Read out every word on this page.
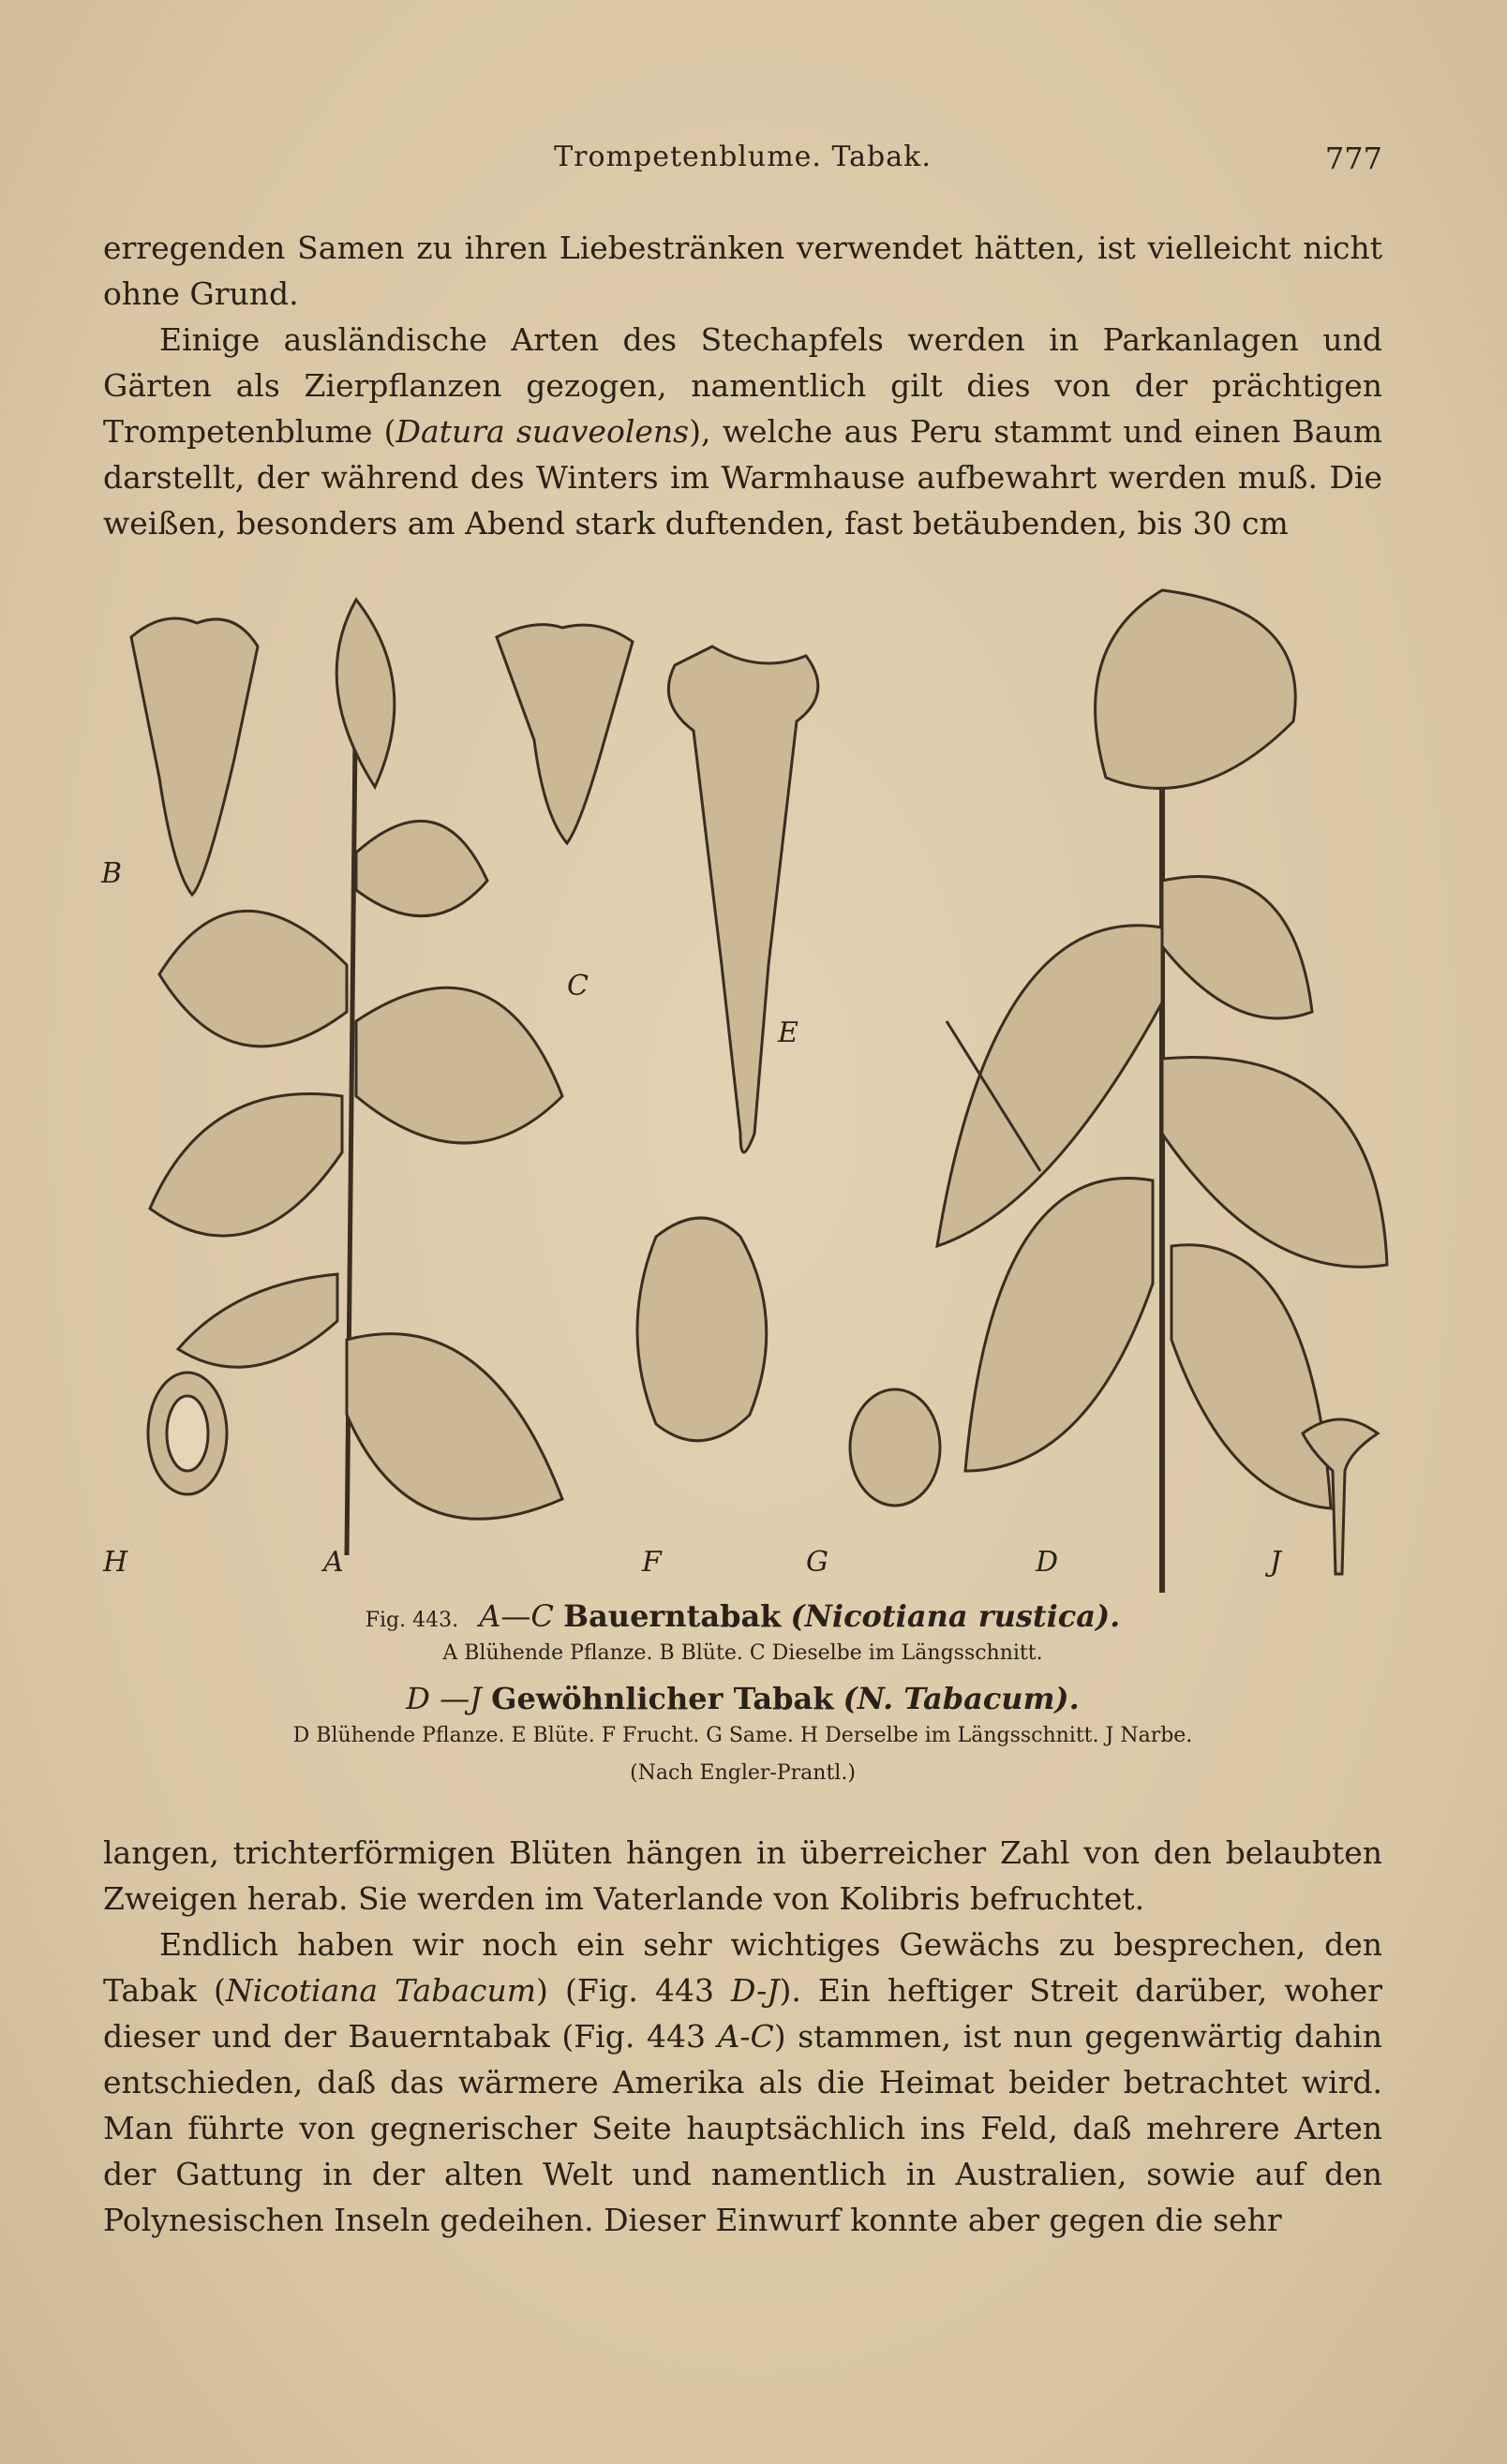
Trompetenblume. Tabak.	777

erregenden Samen zu ihren Liebestränken verwendet hätten, ist vielleicht nicht ohne Grund.

Einige ausländische Arten des Stechapfels werden in Parkanlagen und Gärten als Zierpflanzen gezogen, namentlich gilt dies von der prächtigen Trompetenblume (Datura suaveolens), welche aus Peru stammt und einen Baum darstellt, der während des Winters im Warmhause aufbewahrt werden muß. Die weißen, besonders am Abend stark duftenden, fast betäubenden, bis 30 cm

B
C
E
H	A	F	G	D	J
Fig. 443. A—C Bauerntabak (Nicotiana rustica).
A Blühende Pflanze. B Blüte. C Dieselbe im Längsschnitt.
D —J Gewöhnlicher Tabak (N. Tabacum).
D Blühende Pflanze. E Blüte. F Frucht. G Same. H Derselbe im Längsschnitt. J Narbe.
(Nach Engler-Prantl.)

langen, trichterförmigen Blüten hängen in überreicher Zahl von den belaubten Zweigen herab. Sie werden im Vaterlande von Kolibris befruchtet.

Endlich haben wir noch ein sehr wichtiges Gewächs zu besprechen, den Tabak (Nicotiana Tabacum) (Fig. 443 D-J). Ein heftiger Streit darüber, woher dieser und der Bauerntabak (Fig. 443 A-C) stammen, ist nun gegenwärtig dahin entschieden, daß das wärmere Amerika als die Heimat beider betrachtet wird. Man führte von gegnerischer Seite hauptsächlich ins Feld, daß mehrere Arten der Gattung in der alten Welt und namentlich in Australien, sowie auf den Polynesischen Inseln gedeihen. Dieser Einwurf konnte aber gegen die sehr
